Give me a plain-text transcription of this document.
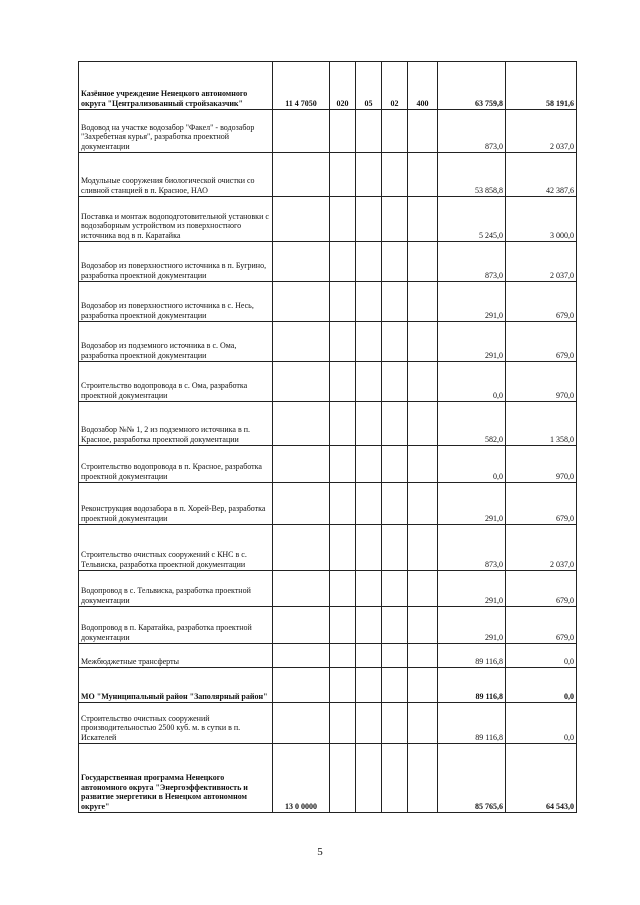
Казённое учреждение Ненецкого автономного округа "Централизованный стройзаказчик"	11 4 7050	020	05	02	400	63 759,8	58 191,6

Водовод на участке водозабор "Факел" - водозабор "Захребетная курья", разработка проектной документации						873,0	2 037,0

Модульные сооружения биологической очистки со сливной станцией в п. Красное, НАО						53 858,8	42 387,6

Поставка и монтаж водоподготовительной установки с водозаборным устройством из поверхностного источника вод в п. Каратайка						5 245,0	3 000,0

Водозабор из поверхностного источника в п. Бугрино, разработка проектной документации						873,0	2 037,0

Водозабор из поверхностного источника в с. Несь, разработка проектной документации						291,0	679,0

Водозабор из подземного источника в с. Ома, разработка проектной документации						291,0	679,0

Строительство водопровода в с. Ома, разработка проектной документации						0,0	970,0

Водозабор №№ 1, 2 из подземного источника в п. Красное, разработка проектной документации						582,0	1 358,0

Строительство водопровода в п. Красное, разработка проектной документации						0,0	970,0

Реконструкция водозабора в п. Хорей-Вер, разработка проектной документации						291,0	679,0

Строительство очистных сооружений с КНС в с. Тельвиска, разработка проектной документации						873,0	2 037,0

Водопровод в с. Тельвиска, разработка проектной документации						291,0	679,0

Водопровод в п. Каратайка, разработка проектной документации						291,0	679,0

Межбюджетные трансферты						89 116,8	0,0

МО "Муниципальный район "Заполярный район"						89 116,8	0,0

Строительство очистных сооружений производительностью 2500 куб. м. в сутки в п. Искателей						89 116,8	0,0

Государственная программа Ненецкого автономного округа "Энергоэффективность и развитие энергетики в Ненецком автономном округе"	13 0 0000					85 765,6	64 543,0
5
